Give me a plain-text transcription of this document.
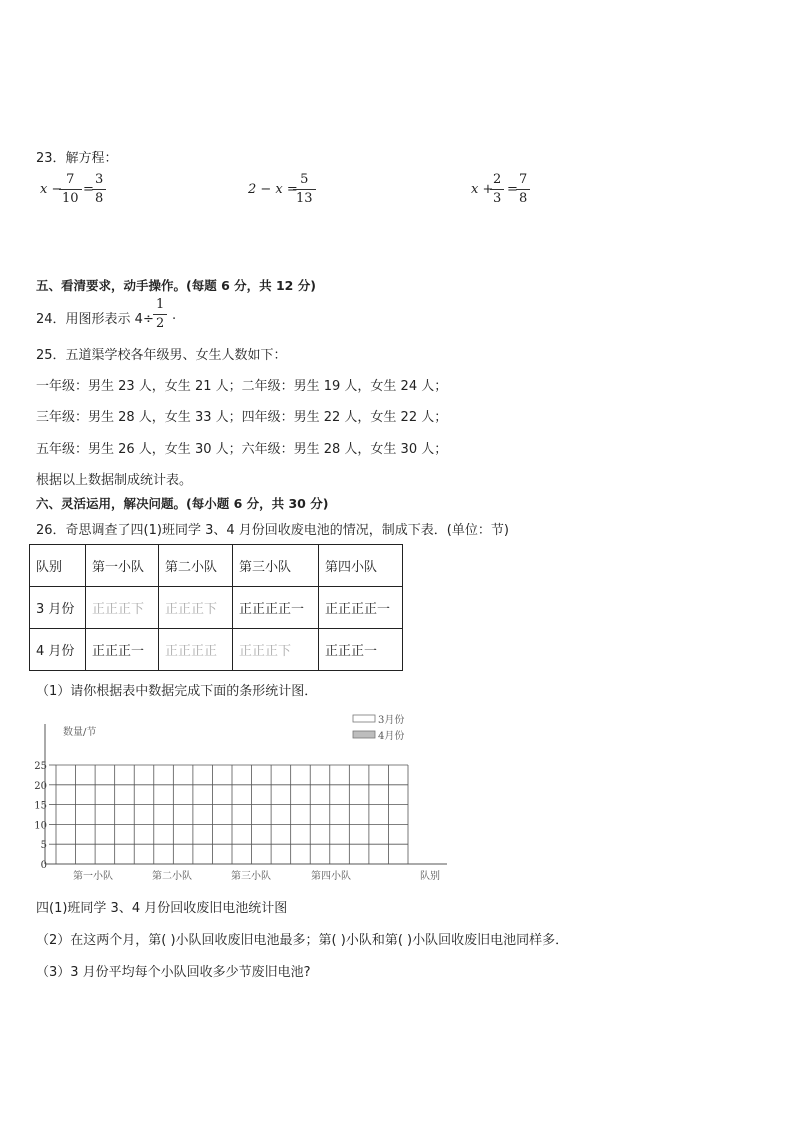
23．解方程：
x −
7
10
=
3
8
2 − x =
5
13
x +
2
3
=
7
8
五、看清要求，动手操作。(每题 6 分，共 12 分)
24．用图形表示 4÷
1
2
.
25．五道渠学校各年级男、女生人数如下：
一年级：男生 23 人，女生 21 人；二年级：男生 19 人，女生 24 人；
三年级：男生 28 人，女生 33 人；四年级：男生 22 人，女生 22 人；
五年级：男生 26 人，女生 30 人；六年级：男生 28 人，女生 30 人；
根据以上数据制成统计表。
六、灵活运用，解决问题。(每小题 6 分，共 30 分)
26．奇思调查了四(1)班同学 3、4 月份回收废电池的情况，制成下表．(单位：节)
队别	第一小队	第二小队	第三小队	第四小队
3 月份	正正正下	正正正下	正正正正一	正正正正一
4 月份	正正正一	正正正正	正正正下	正正正一
（1）请你根据表中数据完成下面的条形统计图．
0
5
10
15
20
25
数量/节
第一小队	第二小队	第三小队	第四小队	队别
3月份
4月份
四(1)班同学 3、4 月份回收废旧电池统计图
（2）在这两个月，第( )小队回收废旧电池最多；第( )小队和第( )小队回收废旧电池同样多．
（3）3 月份平均每个小队回收多少节废旧电池?
